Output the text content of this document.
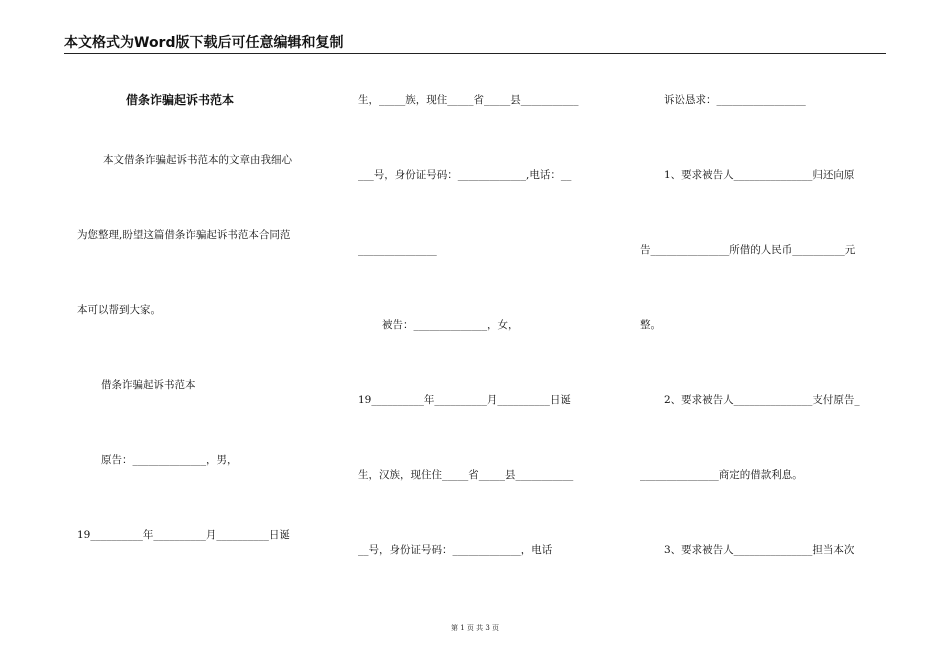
本文格式为Word版下载后可任意编辑和复制
借条诈骗起诉书范本
本文借条诈骗起诉书范本的文章由我细心
为您整理,盼望这篇借条诈骗起诉书范本合同范
本可以帮到大家。
借条诈骗起诉书范本
原告：______________，男，
19__________年__________月__________日诞
生，_____族，现住_____省_____县___________
___号，身份证号码：_____________,电话：__
_______________
被告：______________，女，
19__________年__________月__________日诞
生，汉族，现住住_____省_____县___________
__号，身份证号码：_____________，电话
诉讼恳求：_________________
1、要求被告人_______________归还向原
告_______________所借的人民币__________元
整。
2、要求被告人_______________支付原告_
_______________商定的借款利息。
3、要求被告人_______________担当本次
第 1 页 共 3 页
